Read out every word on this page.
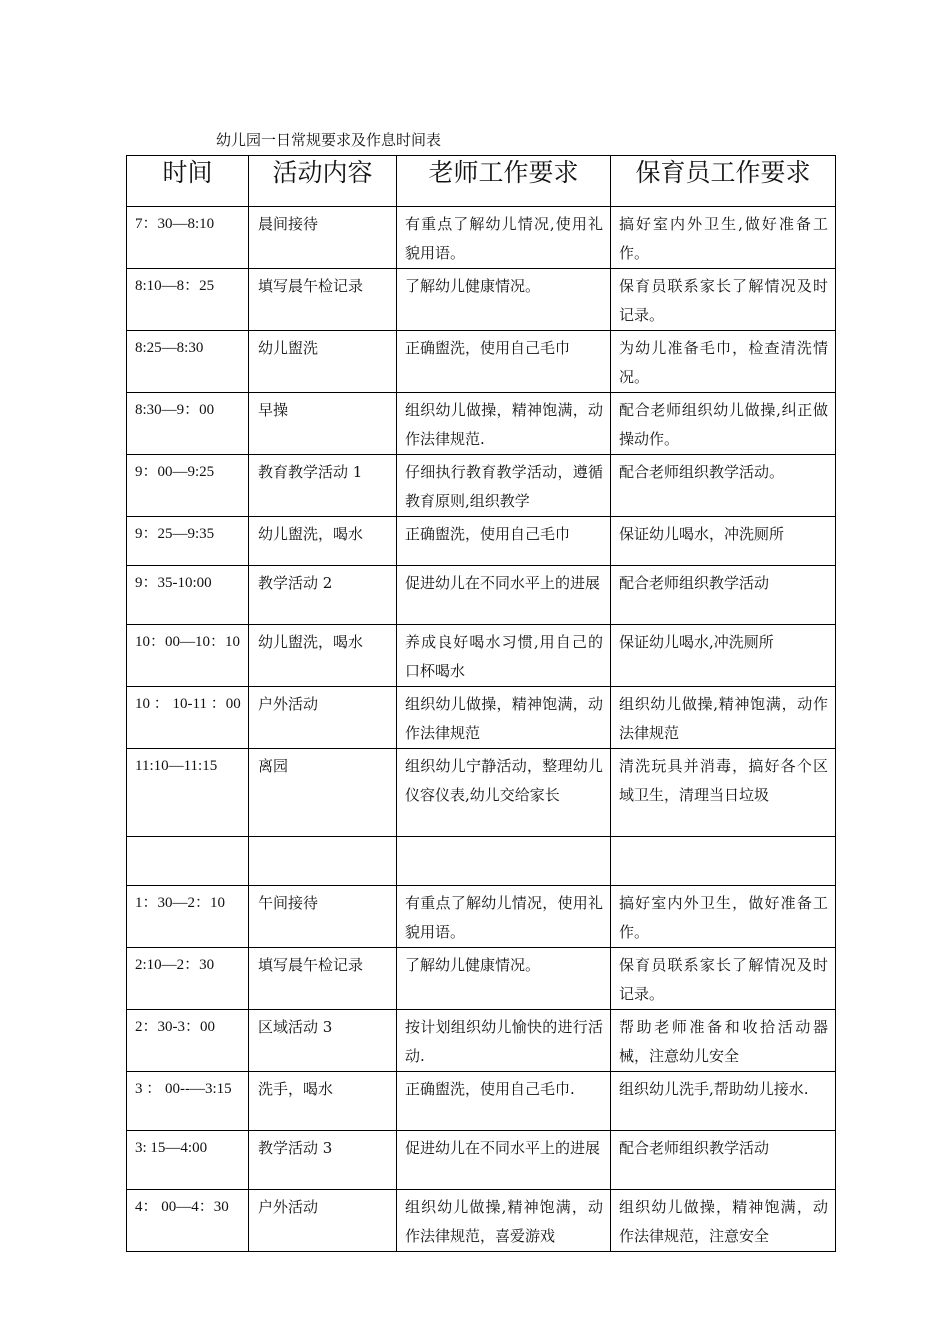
幼儿园一日常规要求及作息时间表
时间	活动内容	老师工作要求	保育员工作要求
7：30—8:10	晨间接待	有重点了解幼儿情况,使用礼貌用语。	搞好室内外卫生,做好准备工作。
8:10—8：25	填写晨午检记录	了解幼儿健康情况。	保育员联系家长了解情况及时记录。
8:25—8:30	幼儿盥洗	正确盥洗，使用自己毛巾	为幼儿准备毛巾，检查清洗情况。
8:30—9：00	早操	组织幼儿做操，精神饱满，动作法律规范.	配合老师组织幼儿做操,纠正做操动作。
9：00—9:25	教育教学活动 1	仔细执行教育教学活动，遵循教育原则,组织教学	配合老师组织教学活动。
9：25—9:35	幼儿盥洗，喝水	正确盥洗，使用自己毛巾	保证幼儿喝水，冲洗厕所
9：35-10:00	教学活动 2	促进幼儿在不同水平上的进展	配合老师组织教学活动
10：00—10：10	幼儿盥洗，喝水	养成良好喝水习惯,用自己的口杯喝水	保证幼儿喝水,冲洗厕所
10 ： 10-11 ：00	户外活动	组织幼儿做操，精神饱满，动作法律规范	组织幼儿做操,精神饱满，动作法律规范
11:10—11:15	离园	组织幼儿宁静活动，整理幼儿仪容仪表,幼儿交给家长	清洗玩具并消毒，搞好各个区域卫生，清理当日垃圾

1：30—2：10	午间接待	有重点了解幼儿情况，使用礼貌用语。	搞好室内外卫生，做好准备工作。
2:10—2：30	填写晨午检记录	了解幼儿健康情况。	保育员联系家长了解情况及时记录。
2：30-3：00	区域活动 3	按计划组织幼儿愉快的进行活动.	帮助老师准备和收拾活动器械，注意幼儿安全
3 ： 00--—3:15	洗手，喝水	正确盥洗，使用自己毛巾.	组织幼儿洗手,帮助幼儿接水.
3: 15—4:00	教学活动 3	促进幼儿在不同水平上的进展	配合老师组织教学活动
4： 00—4：30	户外活动	组织幼儿做操,精神饱满，动作法律规范，喜爱游戏	组织幼儿做操，精神饱满，动作法律规范，注意安全
